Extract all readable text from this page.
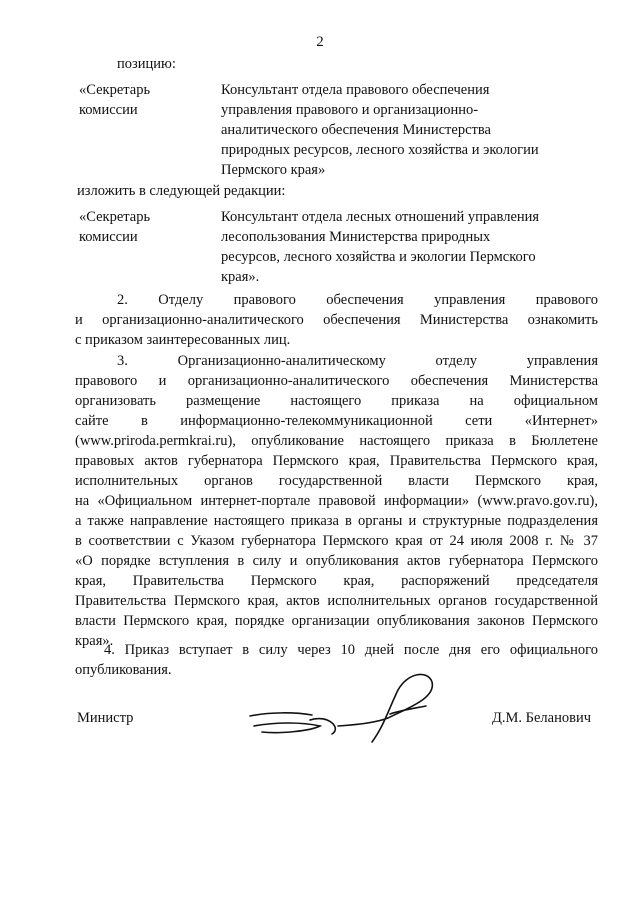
2
позицию:
«Секретарь
комиссии
Консультант отдела правового обеспечения
управления правового и организационно-
аналитического обеспечения Министерства
природных ресурсов, лесного хозяйства и экологии
Пермского края»
изложить в следующей редакции:
«Секретарь
комиссии
Консультант отдела лесных отношений управления
лесопользования Министерства природных
ресурсов, лесного хозяйства и экологии Пермского
края».

2. Отделу правового обеспечения управления правового

и организационно-аналитического обеспечения Министерства ознакомить

с приказом заинтересованных лиц.

3. Организационно-аналитическому отделу управления

правового и организационно-аналитического обеспечения Министерства

организовать размещение настоящего приказа на официальном

сайте в информационно-телекоммуникационной сети «Интернет»

(www.priroda.permkrai.ru), опубликование настоящего приказа в Бюллетене

правовых актов губернатора Пермского края, Правительства Пермского края,

исполнительных органов государственной власти Пермского края,

на «Официальном интернет-портале правовой информации» (www.pravo.gov.ru),

а также направление настоящего приказа в органы и структурные подразделения

в соответствии с Указом губернатора Пермского края от 24 июля 2008 г. № 37

«О порядке вступления в силу и опубликования актов губернатора Пермского

края, Правительства Пермского края, распоряжений председателя

Правительства Пермского края, актов исполнительных органов государственной

власти Пермского края, порядке организации опубликования законов Пермского

края».

4. Приказ вступает в силу через 10 дней после дня его официального

опубликования.

Министр	Д.М. Беланович
